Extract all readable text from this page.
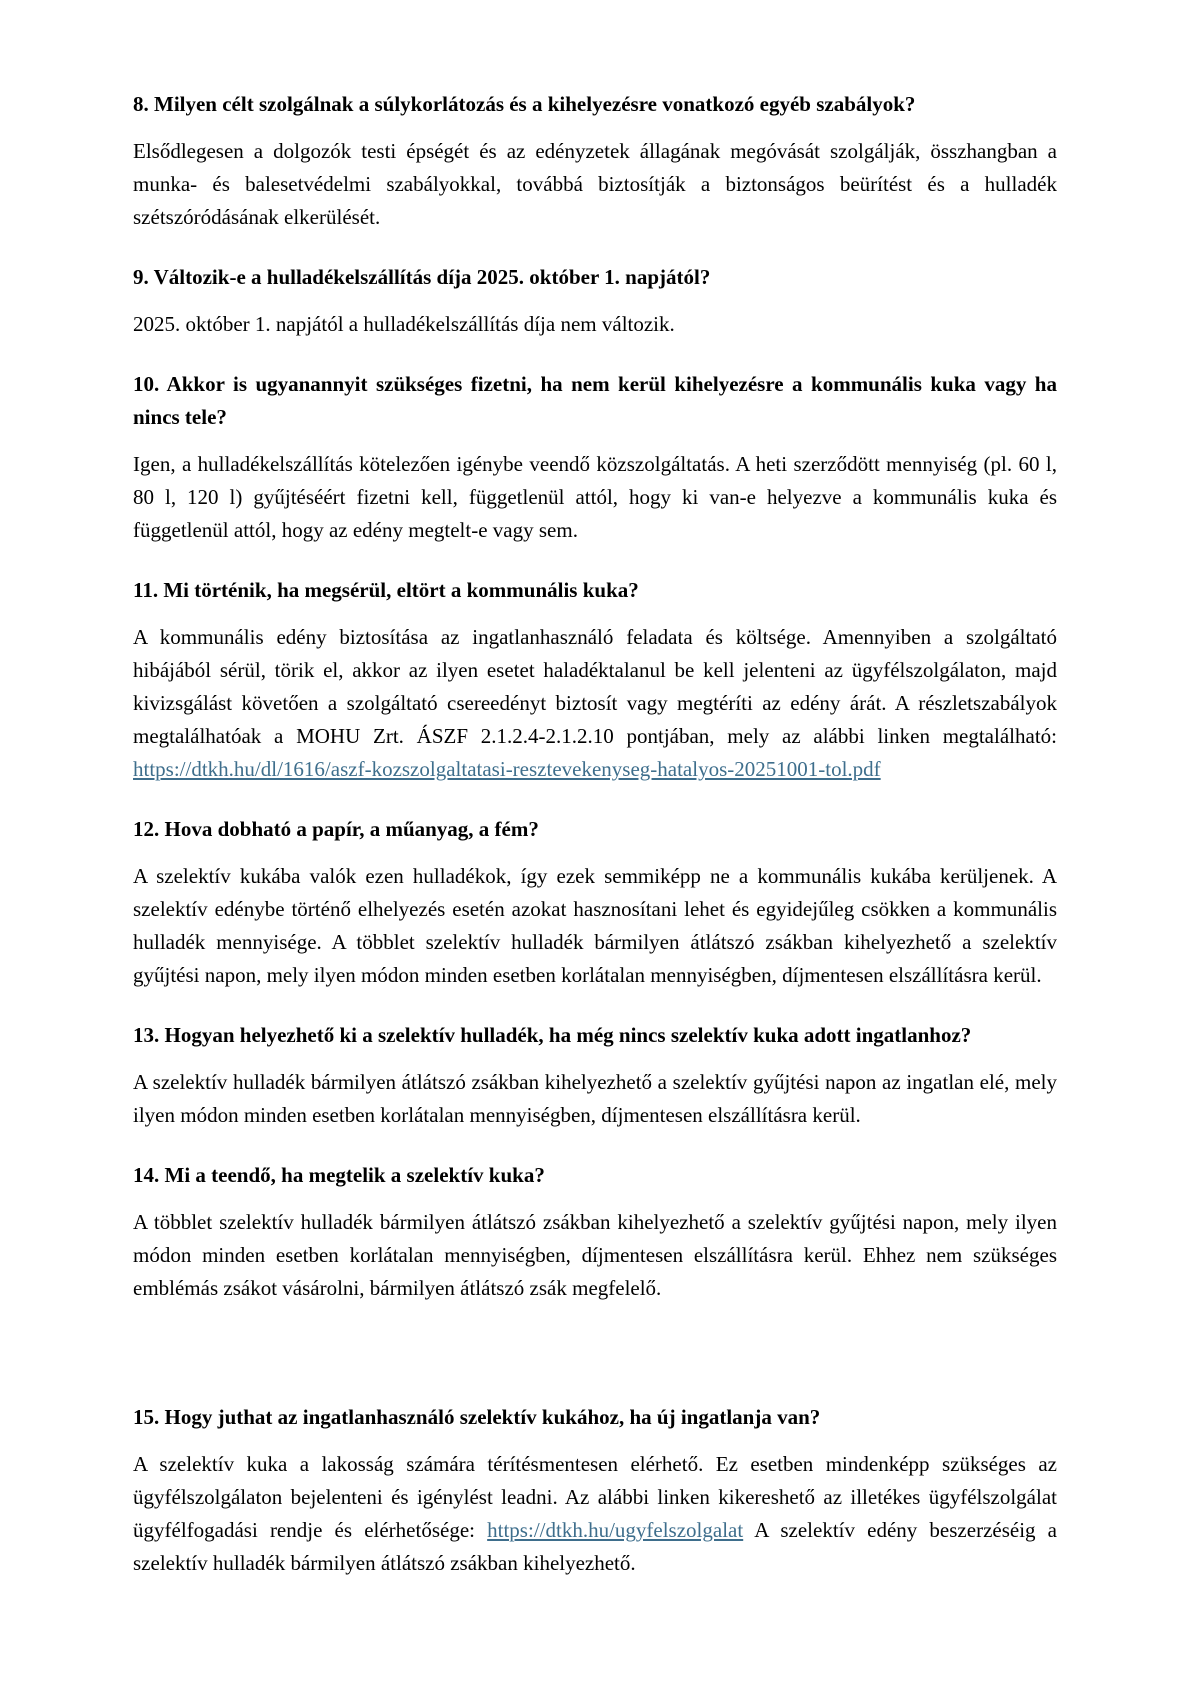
8. Milyen célt szolgálnak a súlykorlátozás és a kihelyezésre vonatkozó egyéb szabályok?

Elsődlegesen a dolgozók testi épségét és az edényzetek állagának megóvását szolgálják, összhangban a munka- és balesetvédelmi szabályokkal, továbbá biztosítják a biztonságos beürítést és a hulladék szétszóródásának elkerülését.

9. Változik-e a hulladékelszállítás díja 2025. október 1. napjától?

2025. október 1. napjától a hulladékelszállítás díja nem változik.

10. Akkor is ugyanannyit szükséges fizetni, ha nem kerül kihelyezésre a kommunális kuka vagy ha nincs tele?

Igen, a hulladékelszállítás kötelezően igénybe veendő közszolgáltatás. A heti szerződött mennyiség (pl. 60 l, 80 l, 120 l) gyűjtéséért fizetni kell, függetlenül attól, hogy ki van-e helyezve a kommunális kuka és függetlenül attól, hogy az edény megtelt-e vagy sem.

11. Mi történik, ha megsérül, eltört a kommunális kuka?

A kommunális edény biztosítása az ingatlanhasználó feladata és költsége. Amennyiben a szolgáltató hibájából sérül, törik el, akkor az ilyen esetet haladéktalanul be kell jelenteni az ügyfélszolgálaton, majd kivizsgálást követően a szolgáltató csereedényt biztosít vagy megtéríti az edény árát. A részletszabályok megtalálhatóak a MOHU Zrt. ÁSZF 2.1.2.4-2.1.2.10 pontjában, mely az alábbi linken megtalálható: https://dtkh.hu/dl/1616/aszf-kozszolgaltatasi-resztevekenyseg-hatalyos-20251001-tol.pdf

12. Hova dobható a papír, a műanyag, a fém?

A szelektív kukába valók ezen hulladékok, így ezek semmiképp ne a kommunális kukába kerüljenek. A szelektív edénybe történő elhelyezés esetén azokat hasznosítani lehet és egyidejűleg csökken a kommunális hulladék mennyisége. A többlet szelektív hulladék bármilyen átlátszó zsákban kihelyezhető a szelektív gyűjtési napon, mely ilyen módon minden esetben korlátalan mennyiségben, díjmentesen elszállításra kerül.

13. Hogyan helyezhető ki a szelektív hulladék, ha még nincs szelektív kuka adott ingatlanhoz?

A szelektív hulladék bármilyen átlátszó zsákban kihelyezhető a szelektív gyűjtési napon az ingatlan elé, mely ilyen módon minden esetben korlátalan mennyiségben, díjmentesen elszállításra kerül.

14. Mi a teendő, ha megtelik a szelektív kuka?

A többlet szelektív hulladék bármilyen átlátszó zsákban kihelyezhető a szelektív gyűjtési napon, mely ilyen módon minden esetben korlátalan mennyiségben, díjmentesen elszállításra kerül. Ehhez nem szükséges emblémás zsákot vásárolni, bármilyen átlátszó zsák megfelelő.

15. Hogy juthat az ingatlanhasználó szelektív kukához, ha új ingatlanja van?

A szelektív kuka a lakosság számára térítésmentesen elérhető. Ez esetben mindenképp szükséges az ügyfélszolgálaton bejelenteni és igénylést leadni. Az alábbi linken kikereshető az illetékes ügyfélszolgálat ügyfélfogadási rendje és elérhetősége: https://dtkh.hu/ugyfelszolgalat A szelektív edény beszerzéséig a szelektív hulladék bármilyen átlátszó zsákban kihelyezhető.
